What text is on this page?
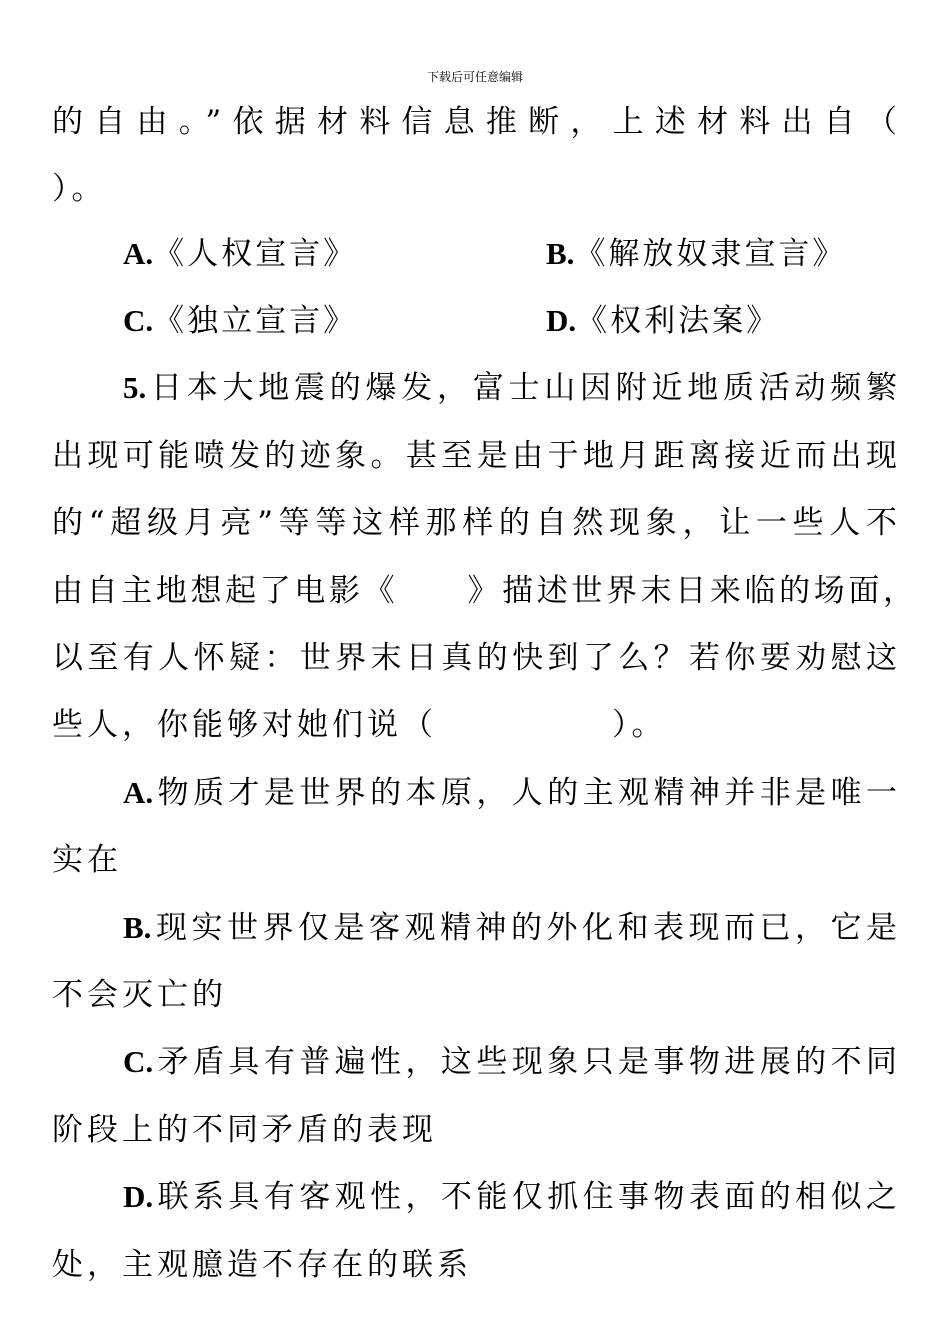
下载后可任意编辑
的自由。”依据材料信息推断，上述材料出自（
）。
A.《人权宣言》	B.《解放奴隶宣言》
C.《独立宣言》	D.《权利法案》
5.日本大地震的爆发，富士山因附近地质活动频繁
出现可能喷发的迹象。甚至是由于地月距离接近而出现
的“超级月亮”等等这样那样的自然现象，让一些人不
由自主地想起了电影《　　》描述世界末日来临的场面，
以至有人怀疑：世界末日真的快到了么？若你要劝慰这
些人，你能够对她们说（　　　　　）。
A.物质才是世界的本原，人的主观精神并非是唯一
实在
B.现实世界仅是客观精神的外化和表现而已，它是
不会灭亡的
C.矛盾具有普遍性，这些现象只是事物进展的不同
阶段上的不同矛盾的表现
D.联系具有客观性，不能仅抓住事物表面的相似之
处，主观臆造不存在的联系
